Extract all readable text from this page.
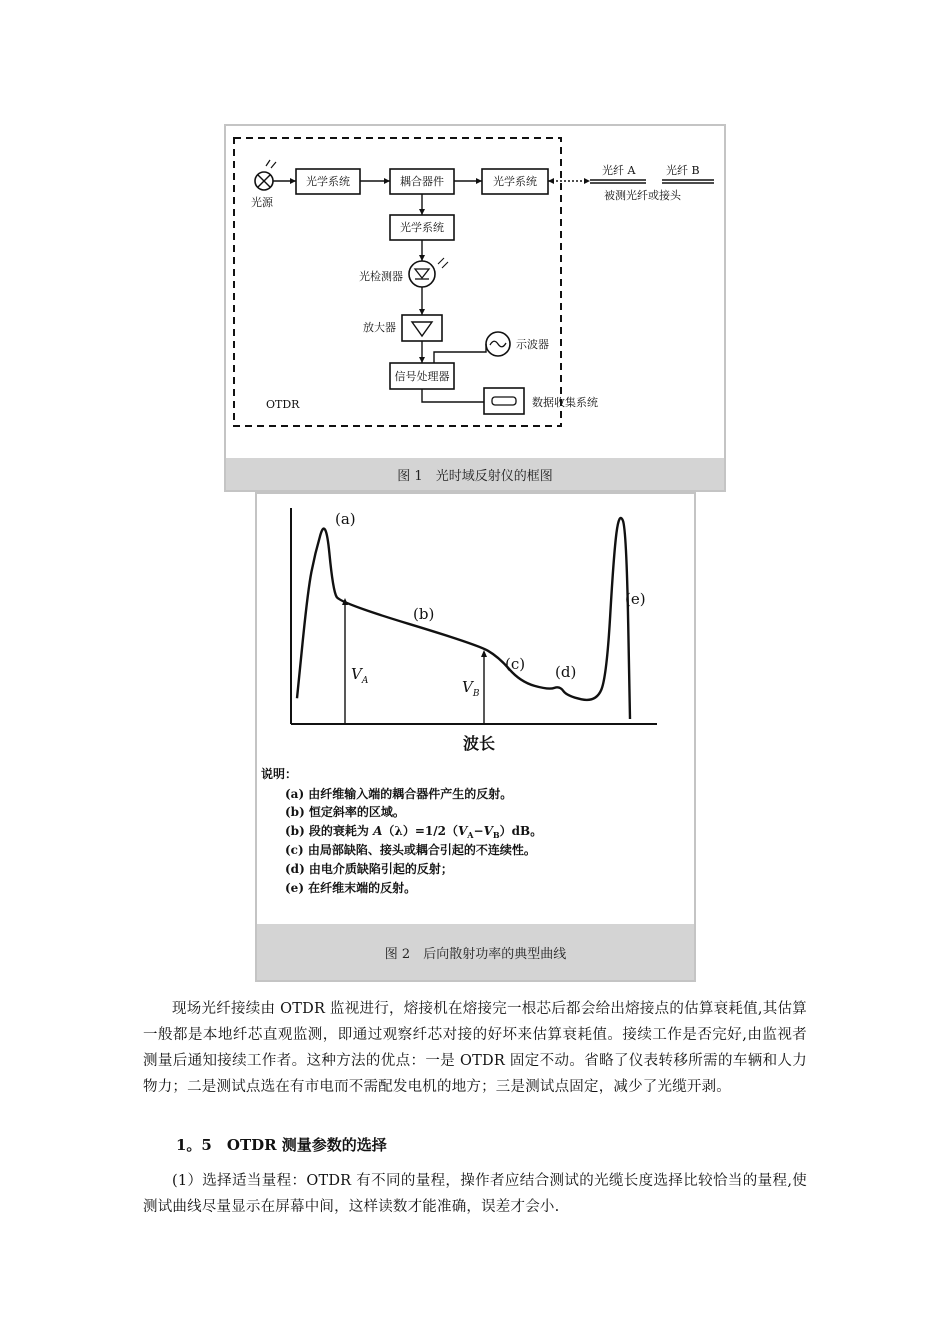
光源
光学系统	耦合器件	光学系统
光学系统
光纤 A	光纤 B
被测光纤或接头
光检测器
放大器
示波器
信号处理器
数据收集系统
OTDR
图 1　光时域反射仪的框图
(a)
(b)
(c) (d)
(e)
$V_A$	$V_B$
波长
说明：
(a) 由纤维输入端的耦合器件产生的反射。
(b) 恒定斜率的区域。
(b) 段的衰耗为 $A(\lambda)=1/2(V_A-V_B)dB$。
(c) 由局部缺陷、接头或耦合引起的不连续性。
(d) 由电介质缺陷引起的反射；
(e) 在纤维末端的反射。
图 2　后向散射功率的典型曲线

现场光纤接续由 OTDR 监视进行，熔接机在熔接完一根芯后都会给出熔接点的估算衰耗值,其估算一般都是本地纤芯直观监测，即通过观察纤芯对接的好坏来估算衰耗值。接续工作是否完好,由监视者测量后通知接续工作者。这种方法的优点：一是 OTDR 固定不动。省略了仪表转移所需的车辆和人力物力；二是测试点选在有市电而不需配发电机的地方；三是测试点固定，减少了光缆开剥。

1。5　OTDR 测量参数的选择

(1）选择适当量程：OTDR 有不同的量程，操作者应结合测试的光缆长度选择比较恰当的量程,使测试曲线尽量显示在屏幕中间，这样读数才能准确，误差才会小.
